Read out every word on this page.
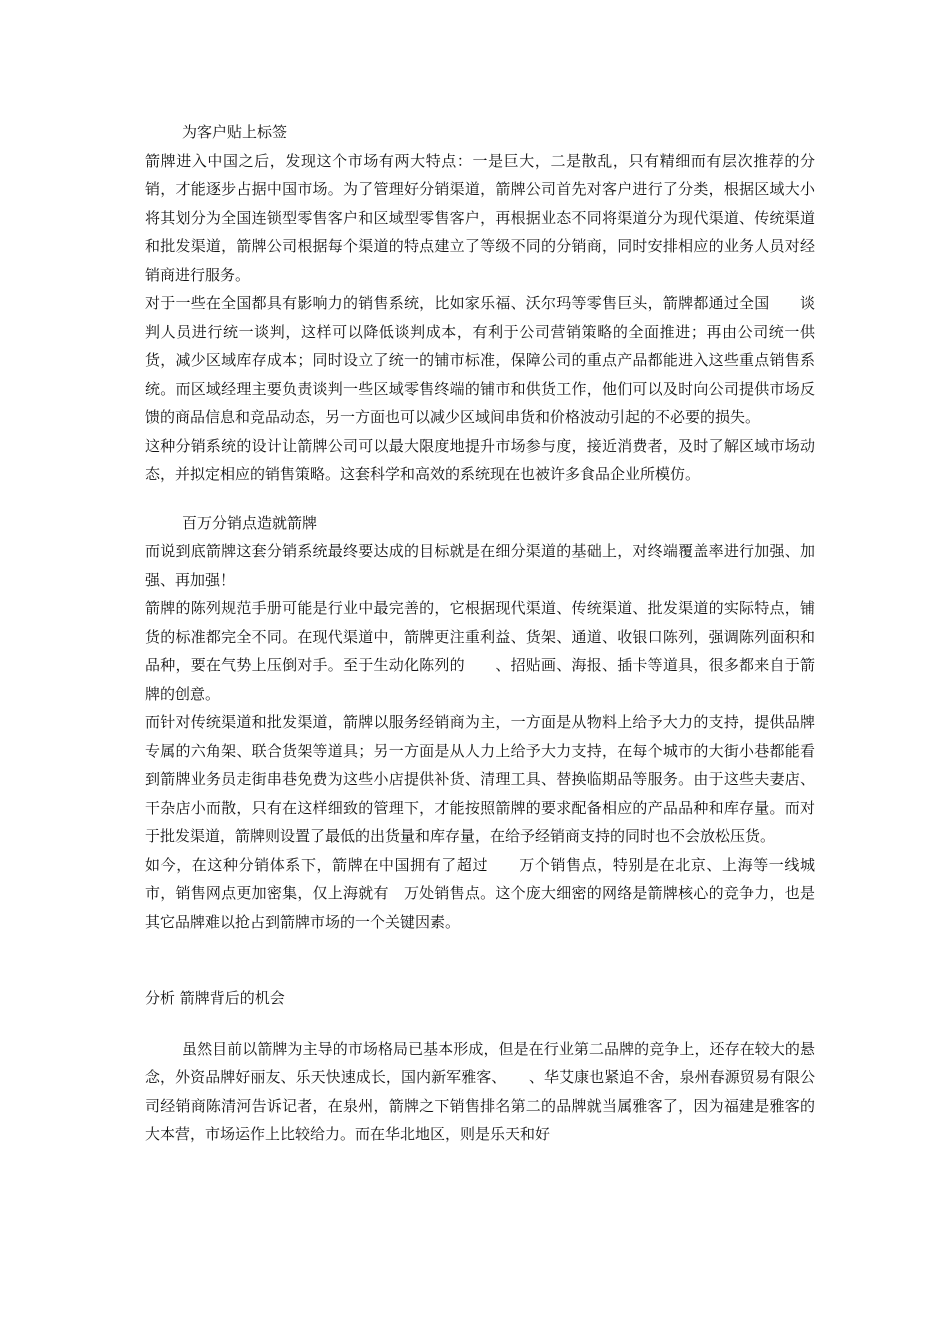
为客户贴上标签

箭牌进入中国之后，发现这个市场有两大特点：一是巨大，二是散乱，只有精细而有层次推荐的分销，才能逐步占据中国市场。为了管理好分销渠道，箭牌公司首先对客户进行了分类，根据区域大小将其划分为全国连锁型零售客户和区域型零售客户，再根据业态不同将渠道分为现代渠道、传统渠道和批发渠道，箭牌公司根据每个渠道的特点建立了等级不同的分销商，同时安排相应的业务人员对经销商进行服务。

对于一些在全国都具有影响力的销售系统，比如家乐福、沃尔玛等零售巨头，箭牌都通过全国　　谈判人员进行统一谈判，这样可以降低谈判成本，有利于公司营销策略的全面推进；再由公司统一供货，减少区域库存成本；同时设立了统一的铺市标准，保障公司的重点产品都能进入这些重点销售系统。而区域经理主要负责谈判一些区域零售终端的铺市和供货工作，他们可以及时向公司提供市场反馈的商品信息和竞品动态，另一方面也可以减少区域间串货和价格波动引起的不必要的损失。

这种分销系统的设计让箭牌公司可以最大限度地提升市场参与度，接近消费者，及时了解区域市场动态，并拟定相应的销售策略。这套科学和高效的系统现在也被许多食品企业所模仿。

百万分销点造就箭牌

而说到底箭牌这套分销系统最终要达成的目标就是在细分渠道的基础上，对终端覆盖率进行加强、加强、再加强！

箭牌的陈列规范手册可能是行业中最完善的，它根据现代渠道、传统渠道、批发渠道的实际特点，铺货的标准都完全不同。在现代渠道中，箭牌更注重利益、货架、通道、收银口陈列，强调陈列面积和品种，要在气势上压倒对手。至于生动化陈列的　　、招贴画、海报、插卡等道具，很多都来自于箭牌的创意。

而针对传统渠道和批发渠道，箭牌以服务经销商为主，一方面是从物料上给予大力的支持，提供品牌专属的六角架、联合货架等道具；另一方面是从人力上给予大力支持，在每个城市的大街小巷都能看到箭牌业务员走街串巷免费为这些小店提供补货、清理工具、替换临期品等服务。由于这些夫妻店、干杂店小而散，只有在这样细致的管理下，才能按照箭牌的要求配备相应的产品品种和库存量。而对于批发渠道，箭牌则设置了最低的出货量和库存量，在给予经销商支持的同时也不会放松压货。

如今，在这种分销体系下，箭牌在中国拥有了超过　　万个销售点，特别是在北京、上海等一线城市，销售网点更加密集，仅上海就有　万处销售点。这个庞大细密的网络是箭牌核心的竞争力，也是其它品牌难以抢占到箭牌市场的一个关键因素。

分析 箭牌背后的机会

虽然目前以箭牌为主导的市场格局已基本形成，但是在行业第二品牌的竞争上，还存在较大的悬念，外资品牌好丽友、乐天快速成长，国内新军雅客、　　、华艾康也紧追不舍，泉州春源贸易有限公司经销商陈清河告诉记者，在泉州，箭牌之下销售排名第二的品牌就当属雅客了，因为福建是雅客的大本营，市场运作上比较给力。而在华北地区，则是乐天和好
